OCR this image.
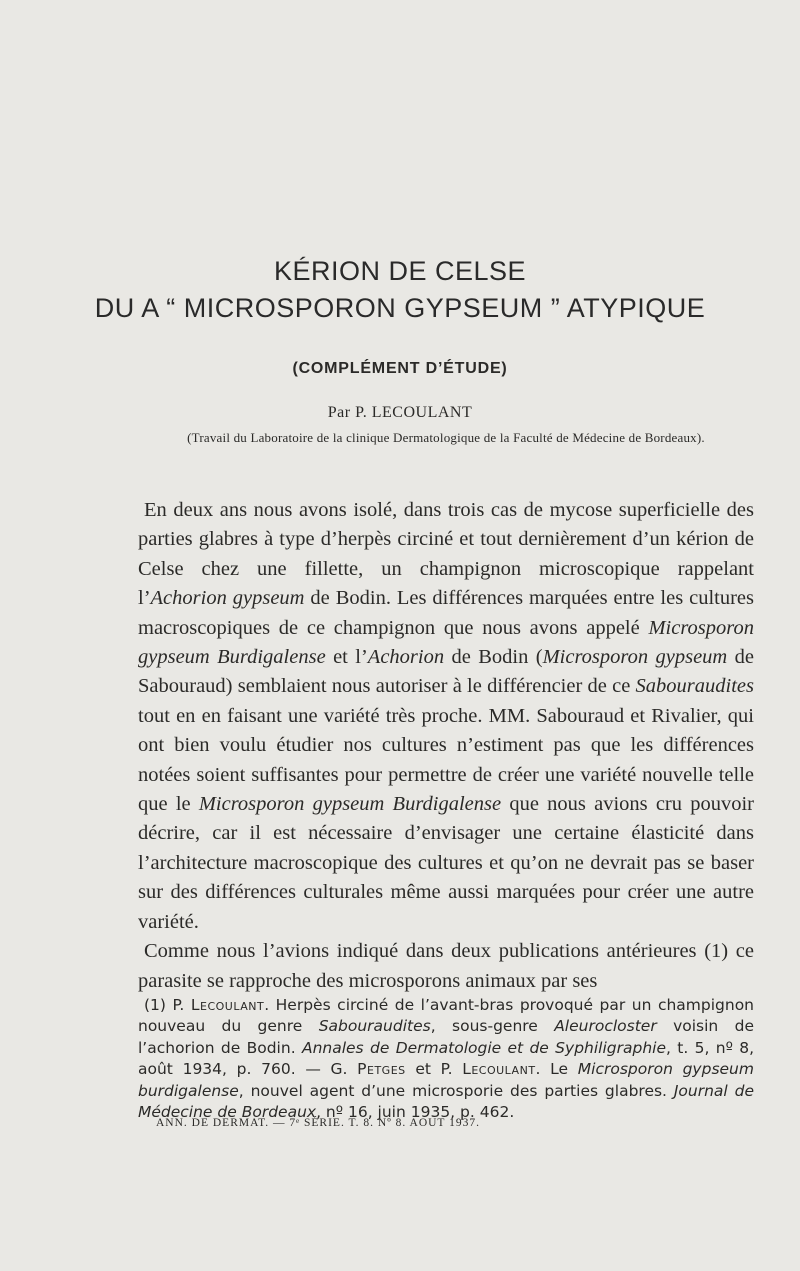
KÉRION DE CELSE
DU A “ MICROSPORON GYPSEUM ” ATYPIQUE
(COMPLÉMENT D’ÉTUDE)
Par P. LECOULANT
(Travail du Laboratoire de la clinique Dermatologique de la Faculté de Médecine de Bordeaux).

En deux ans nous avons isolé, dans trois cas de mycose superficielle des parties glabres à type d’herpès circiné et tout dernièrement d’un kérion de Celse chez une fillette, un champignon microscopique rappelant l’Achorion gypseum de Bodin. Les différences marquées entre les cultures macroscopiques de ce champignon que nous avons appelé Microsporon gypseum Burdigalense et l’Achorion de Bodin (Microsporon gypseum de Sabouraud) semblaient nous autoriser à le différencier de ce Sabouraudites tout en en faisant une variété très proche. MM. Sabouraud et Rivalier, qui ont bien voulu étudier nos cultures n’estiment pas que les différences notées soient suffisantes pour permettre de créer une variété nouvelle telle que le Microsporon gypseum Burdigalense que nous avions cru pouvoir décrire, car il est nécessaire d’envisager une certaine élasticité dans l’architecture macroscopique des cultures et qu’on ne devrait pas se baser sur des différences culturales même aussi marquées pour créer une autre variété.

Comme nous l’avions indiqué dans deux publications antérieures (1) ce parasite se rapproche des microsporons animaux par ses

(1) P. Lecoulant. Herpès circiné de l’avant-bras provoqué par un champignon nouveau du genre Sabouraudites, sous-genre Aleurocloster voisin de l’achorion de Bodin. Annales de Dermatologie et de Syphiligraphie, t. 5, nº 8, août 1934, p. 760. — G. Petges et P. Lecoulant. Le Microsporon gypseum burdigalense, nouvel agent d’une microsporie des parties glabres. Journal de Médecine de Bordeaux, nº 16, juin 1935, p. 462.

ANN. DE DERMAT. — 7ᵉ SÉRIE. T. 8. Nº 8. AOUT 1937.
